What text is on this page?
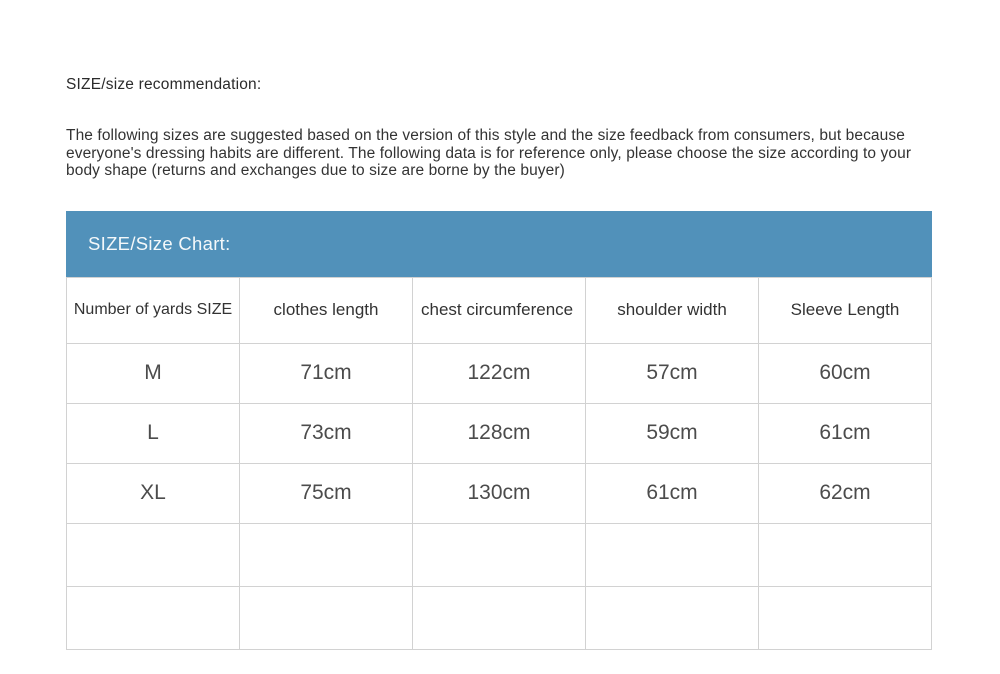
SIZE/size recommendation:
The following sizes are suggested based on the version of this style and the size feedback from consumers, but because everyone's dressing habits are different. The following data is for reference only, please choose the size according to your body shape (returns and exchanges due to size are borne by the buyer)
SIZE/Size Chart:
Number of yards SIZE	clothes length	chest circumference	shoulder width	Sleeve Length
M	71cm	122cm	57cm	60cm
L	73cm	128cm	59cm	61cm
XL	75cm	130cm	61cm	62cm
